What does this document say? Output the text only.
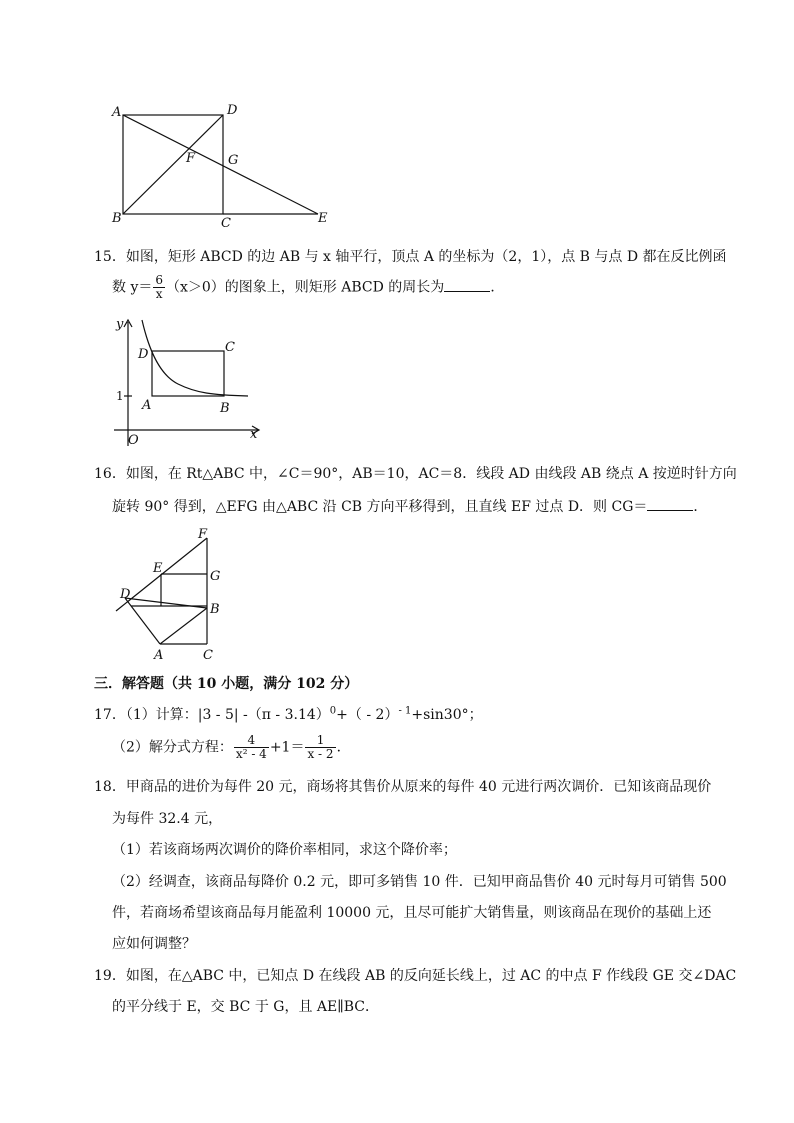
A	D
F	G
B	C	E
15．如图，矩形 ABCD 的边 AB 与 x 轴平行，顶点 A 的坐标为（2，1），点 B 与点 D 都在反比例函
数 $y= \frac{6}{x} (x>0)$的图象上，则矩形 ABCD 的周长为	．
y
x
O
1
D	C
A	B
16．如图，在 Rt△ABC 中，∠C＝90°，AB＝10，AC＝8．线段 AD 由线段 AB 绕点 A 按逆时针方向
旋转 90° 得到，△EFG 由△ABC 沿 CB 方向平移得到，且直线 EF 过点 D．则 CG＝	．
F
E
G
D
B
A	C
三．解答题（共 10 小题，满分 102 分）
17．（1）计算：|3 - 5| -（π - 3.14）$^0$+（ - 2）$^{- 1}$+sin30°；
（2）解分式方程： $\frac{4}{\text{x² - 4}} +1= \frac{1}{x - 2}$ ．
18．甲商品的进价为每件 20 元，商场将其售价从原来的每件 40 元进行两次调价．已知该商品现价
为每件 32.4 元，
（1）若该商场两次调价的降价率相同，求这个降价率；
（2）经调查，该商品每降价 0.2 元，即可多销售 10 件．已知甲商品售价 40 元时每月可销售 500
件，若商场希望该商品每月能盈利 10000 元，且尽可能扩大销售量，则该商品在现价的基础上还
应如何调整？
19．如图，在△ABC 中，已知点 D 在线段 AB 的反向延长线上，过 AC 的中点 F 作线段 GE 交∠DAC
的平分线于 E，交 BC 于 G，且 AE∥BC．
